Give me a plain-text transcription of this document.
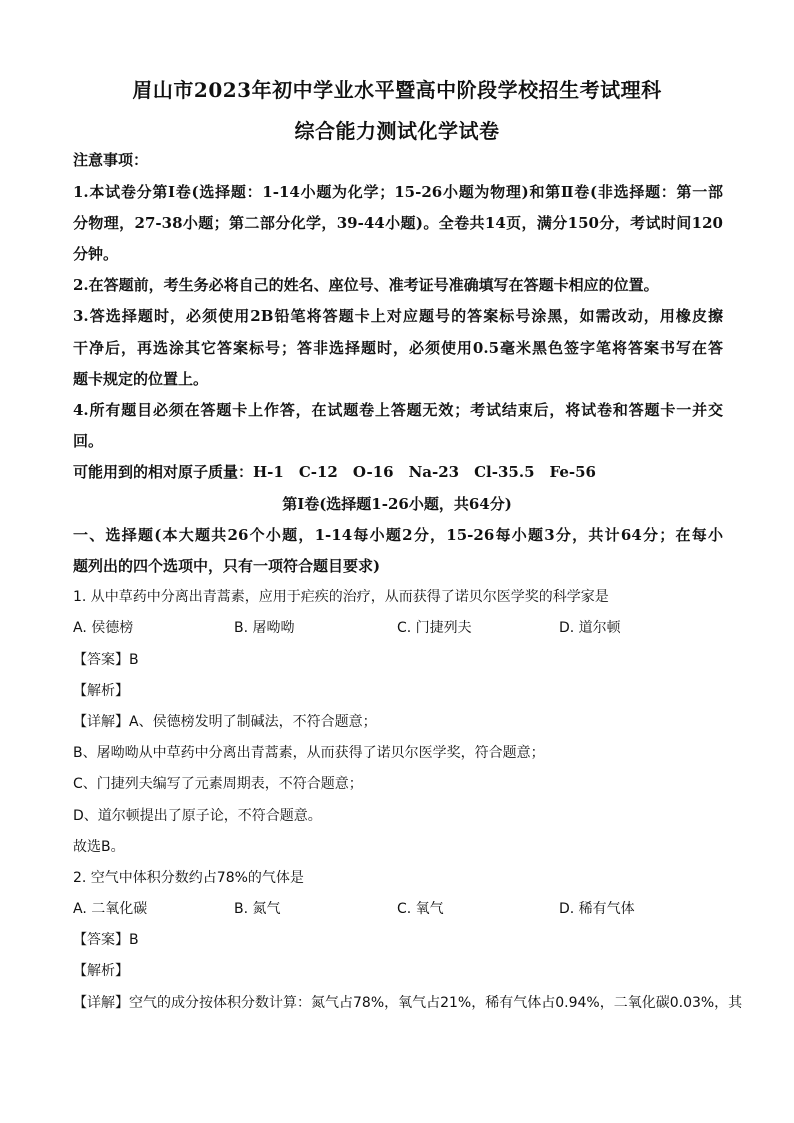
眉山市2023年初中学业水平暨高中阶段学校招生考试理科
综合能力测试化学试卷
注意事项：
1.本试卷分第Ⅰ卷(选择题：1-14小题为化学；15-26小题为物理)和第Ⅱ卷(非选择题：第一部
分物理，27-38小题；第二部分化学，39-44小题)。全卷共14页，满分150分，考试时间120
分钟。
2.在答题前，考生务必将自己的姓名、座位号、准考证号准确填写在答题卡相应的位置。
3.答选择题时，必须使用2B铅笔将答题卡上对应题号的答案标号涂黑，如需改动，用橡皮擦
干净后，再选涂其它答案标号；答非选择题时，必须使用0.5毫米黑色签字笔将答案书写在答
题卡规定的位置上。
4.所有题目必须在答题卡上作答，在试题卷上答题无效；考试结束后，将试卷和答题卡一并交
回。
可能用到的相对原子质量：H-1　C-12　O-16　Na-23　Cl-35.5　Fe-56
第Ⅰ卷(选择题1-26小题，共64分)
一、选择题(本大题共26个小题，1-14每小题2分，15-26每小题3分，共计64分；在每小
题列出的四个选项中，只有一项符合题目要求)
1. 从中草药中分离出青蒿素，应用于疟疾的治疗，从而获得了诺贝尔医学奖的科学家是
A. 侯德榜	B. 屠呦呦	C. 门捷列夫	D. 道尔顿
【答案】B
【解析】
【详解】A、侯德榜发明了制碱法，不符合题意；
B、屠呦呦从中草药中分离出青蒿素，从而获得了诺贝尔医学奖，符合题意；
C、门捷列夫编写了元素周期表，不符合题意；
D、道尔顿提出了原子论，不符合题意。
故选B。
2. 空气中体积分数约占78%的气体是
A. 二氧化碳	B. 氮气	C. 氧气	D. 稀有气体
【答案】B
【解析】
【详解】空气的成分按体积分数计算：氮气占78%，氧气占21%，稀有气体占0.94%，二氧化碳0.03%，其
